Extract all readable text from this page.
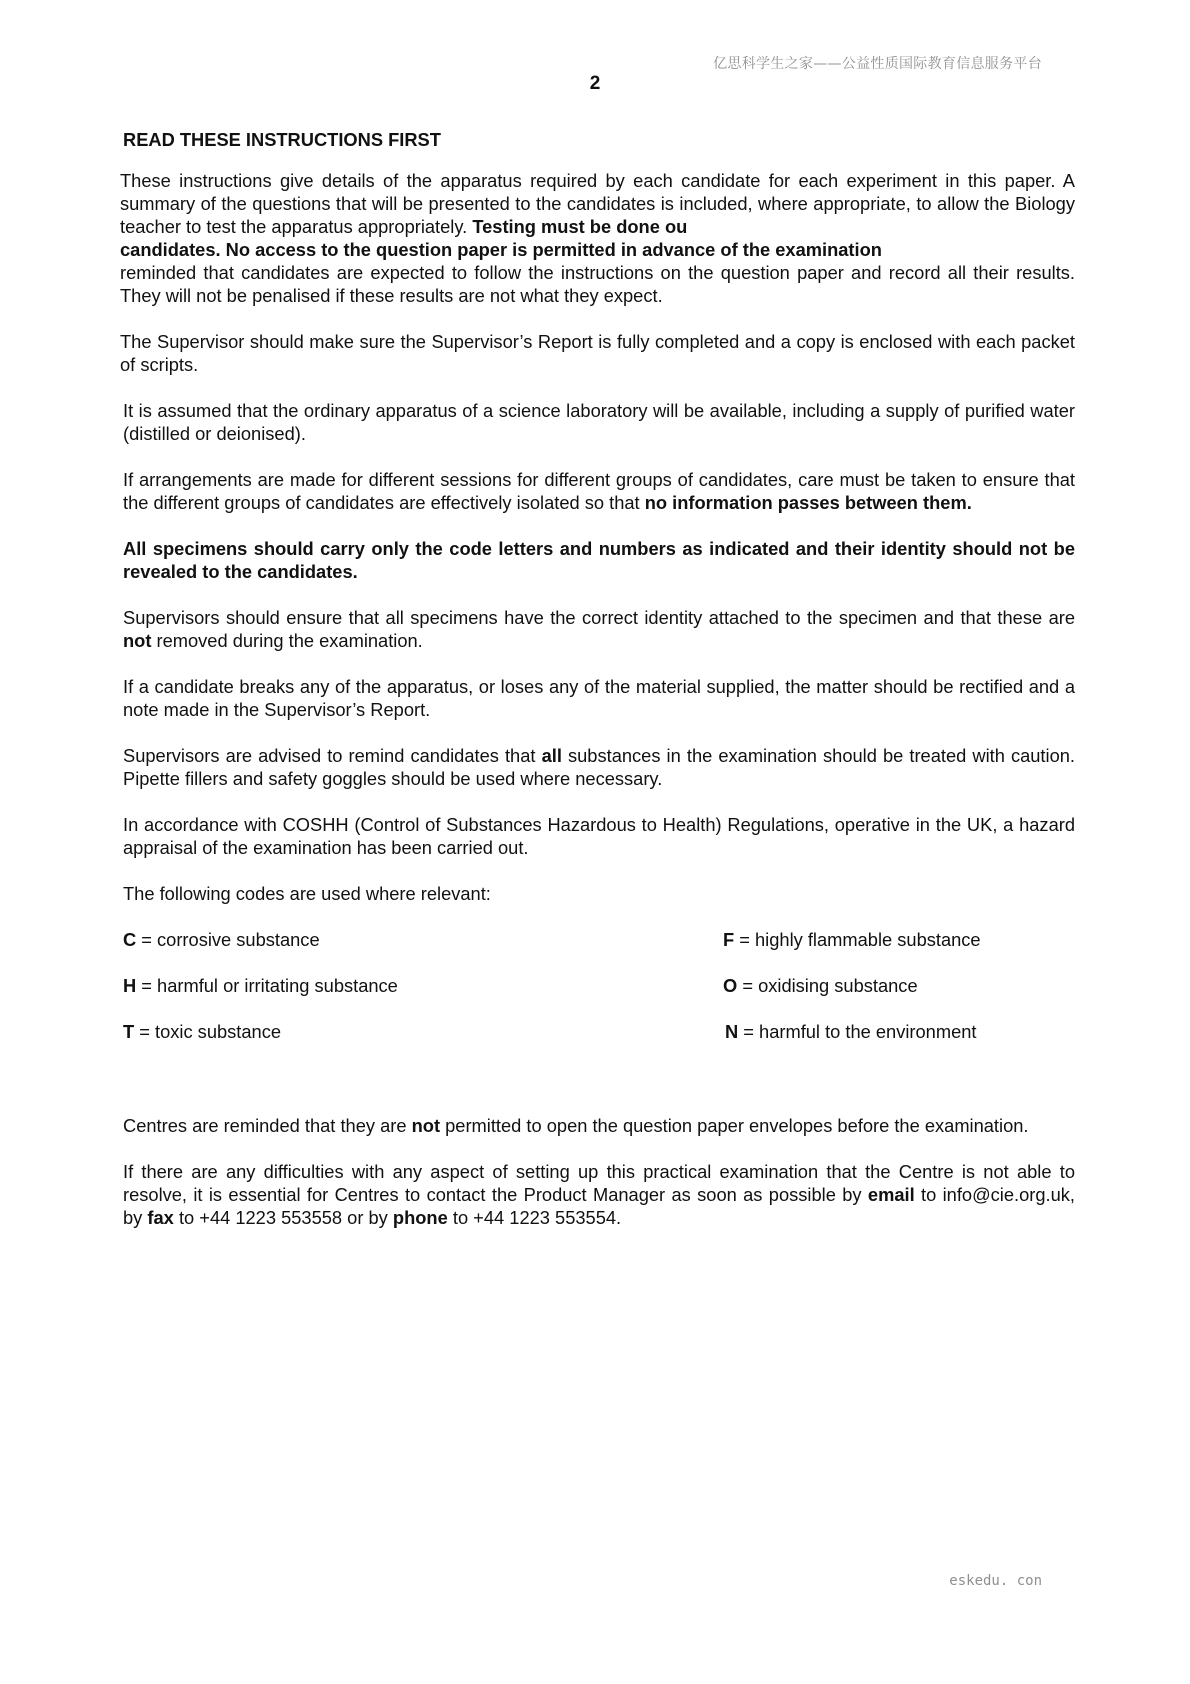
亿思科学生之家——公益性质国际教育信息服务平台
2
READ THESE INSTRUCTIONS FIRST

These instructions give details of the apparatus required by each candidate for each experiment in this paper. A summary of the questions that will be presented to the candidates is included, where appropriate, to allow the Biology teacher to test the apparatus appropriately. Testing must be done ou
candidates. No access to the question paper is permitted in advance of the examination
reminded that candidates are expected to follow the instructions on the question paper and record all their results. They will not be penalised if these results are not what they expect.

The Supervisor should make sure the Supervisor’s Report is fully completed and a copy is enclosed with each packet of scripts.

It is assumed that the ordinary apparatus of a science laboratory will be available, including a supply of purified water (distilled or deionised).

If arrangements are made for different sessions for different groups of candidates, care must be taken to ensure that the different groups of candidates are effectively isolated so that no information passes between them.

All specimens should carry only the code letters and numbers as indicated and their identity should not be revealed to the candidates.

Supervisors should ensure that all specimens have the correct identity attached to the specimen and that these are not removed during the examination.

If a candidate breaks any of the apparatus, or loses any of the material supplied, the matter should be rectified and a note made in the Supervisor’s Report.

Supervisors are advised to remind candidates that all substances in the examination should be treated with caution. Pipette fillers and safety goggles should be used where necessary.

In accordance with COSHH (Control of Substances Hazardous to Health) Regulations, operative in the UK, a hazard appraisal of the examination has been carried out.

The following codes are used where relevant:

C = corrosive substance	F = highly flammable substance
H = harmful or irritating substance	O = oxidising substance
T = toxic substance	N = harmful to the environment

Centres are reminded that they are not permitted to open the question paper envelopes before the examination.

If there are any difficulties with any aspect of setting up this practical examination that the Centre is not able to resolve, it is essential for Centres to contact the Product Manager as soon as possible by email to info@cie.org.uk, by fax to +44 1223 553558 or by phone to +44 1223 553554.

eskedu. con
